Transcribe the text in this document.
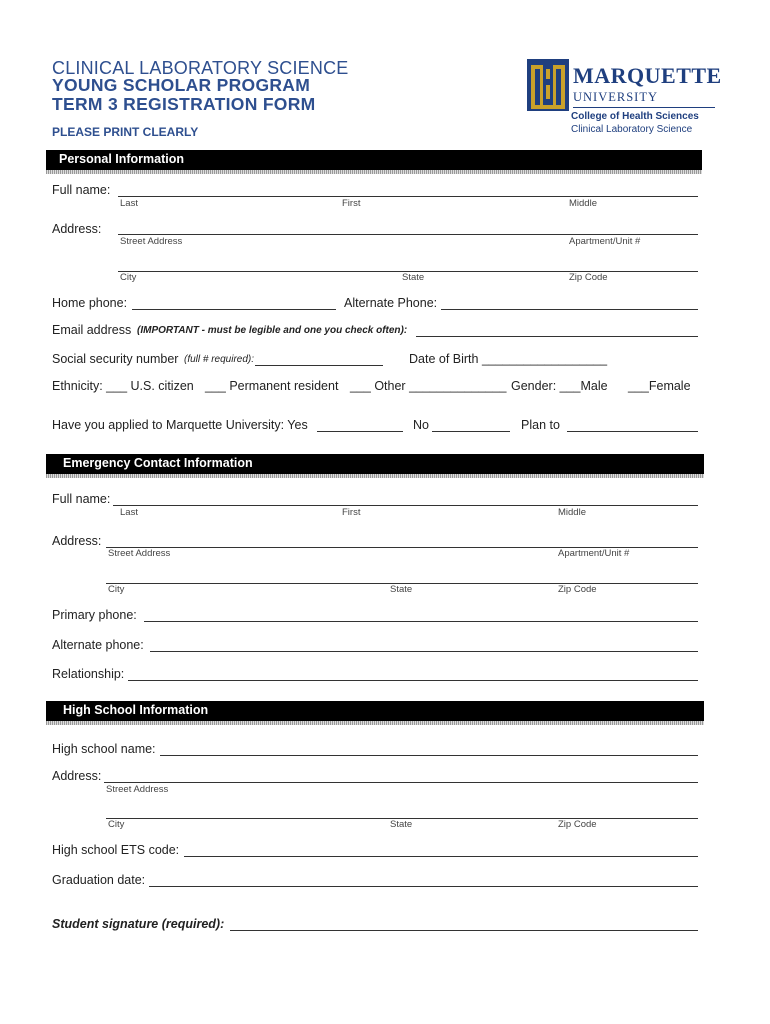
CLINICAL LABORATORY SCIENCE
YOUNG SCHOLAR PROGRAM
TERM 3 REGISTRATION FORM
PLEASE PRINT CLEARLY
MARQUETTE
UNIVERSITY
College of Health Sciences
Clinical Laboratory Science
Personal Information
Full name:
Last	First	Middle
Address:
Street Address	Apartment/Unit #
City	State	Zip Code
Home phone:	Alternate Phone:
Email address (IMPORTANT - must be legible and one you check often):
Social security number (full # required):	Date of Birth __________________
Ethnicity: ___ U.S. citizen ___ Permanent resident ___ Other ______________ Gender: ___Male ___Female
Have you applied to Marquette University: Yes	No	Plan to
Emergency Contact Information
Full name:
Last	First	Middle
Address:
Street Address	Apartment/Unit #
City	State	Zip Code
Primary phone:
Alternate phone:
Relationship:
High School Information
High school name:
Address:
Street Address
City	State	Zip Code
High school ETS code:
Graduation date:
Student signature (required):
